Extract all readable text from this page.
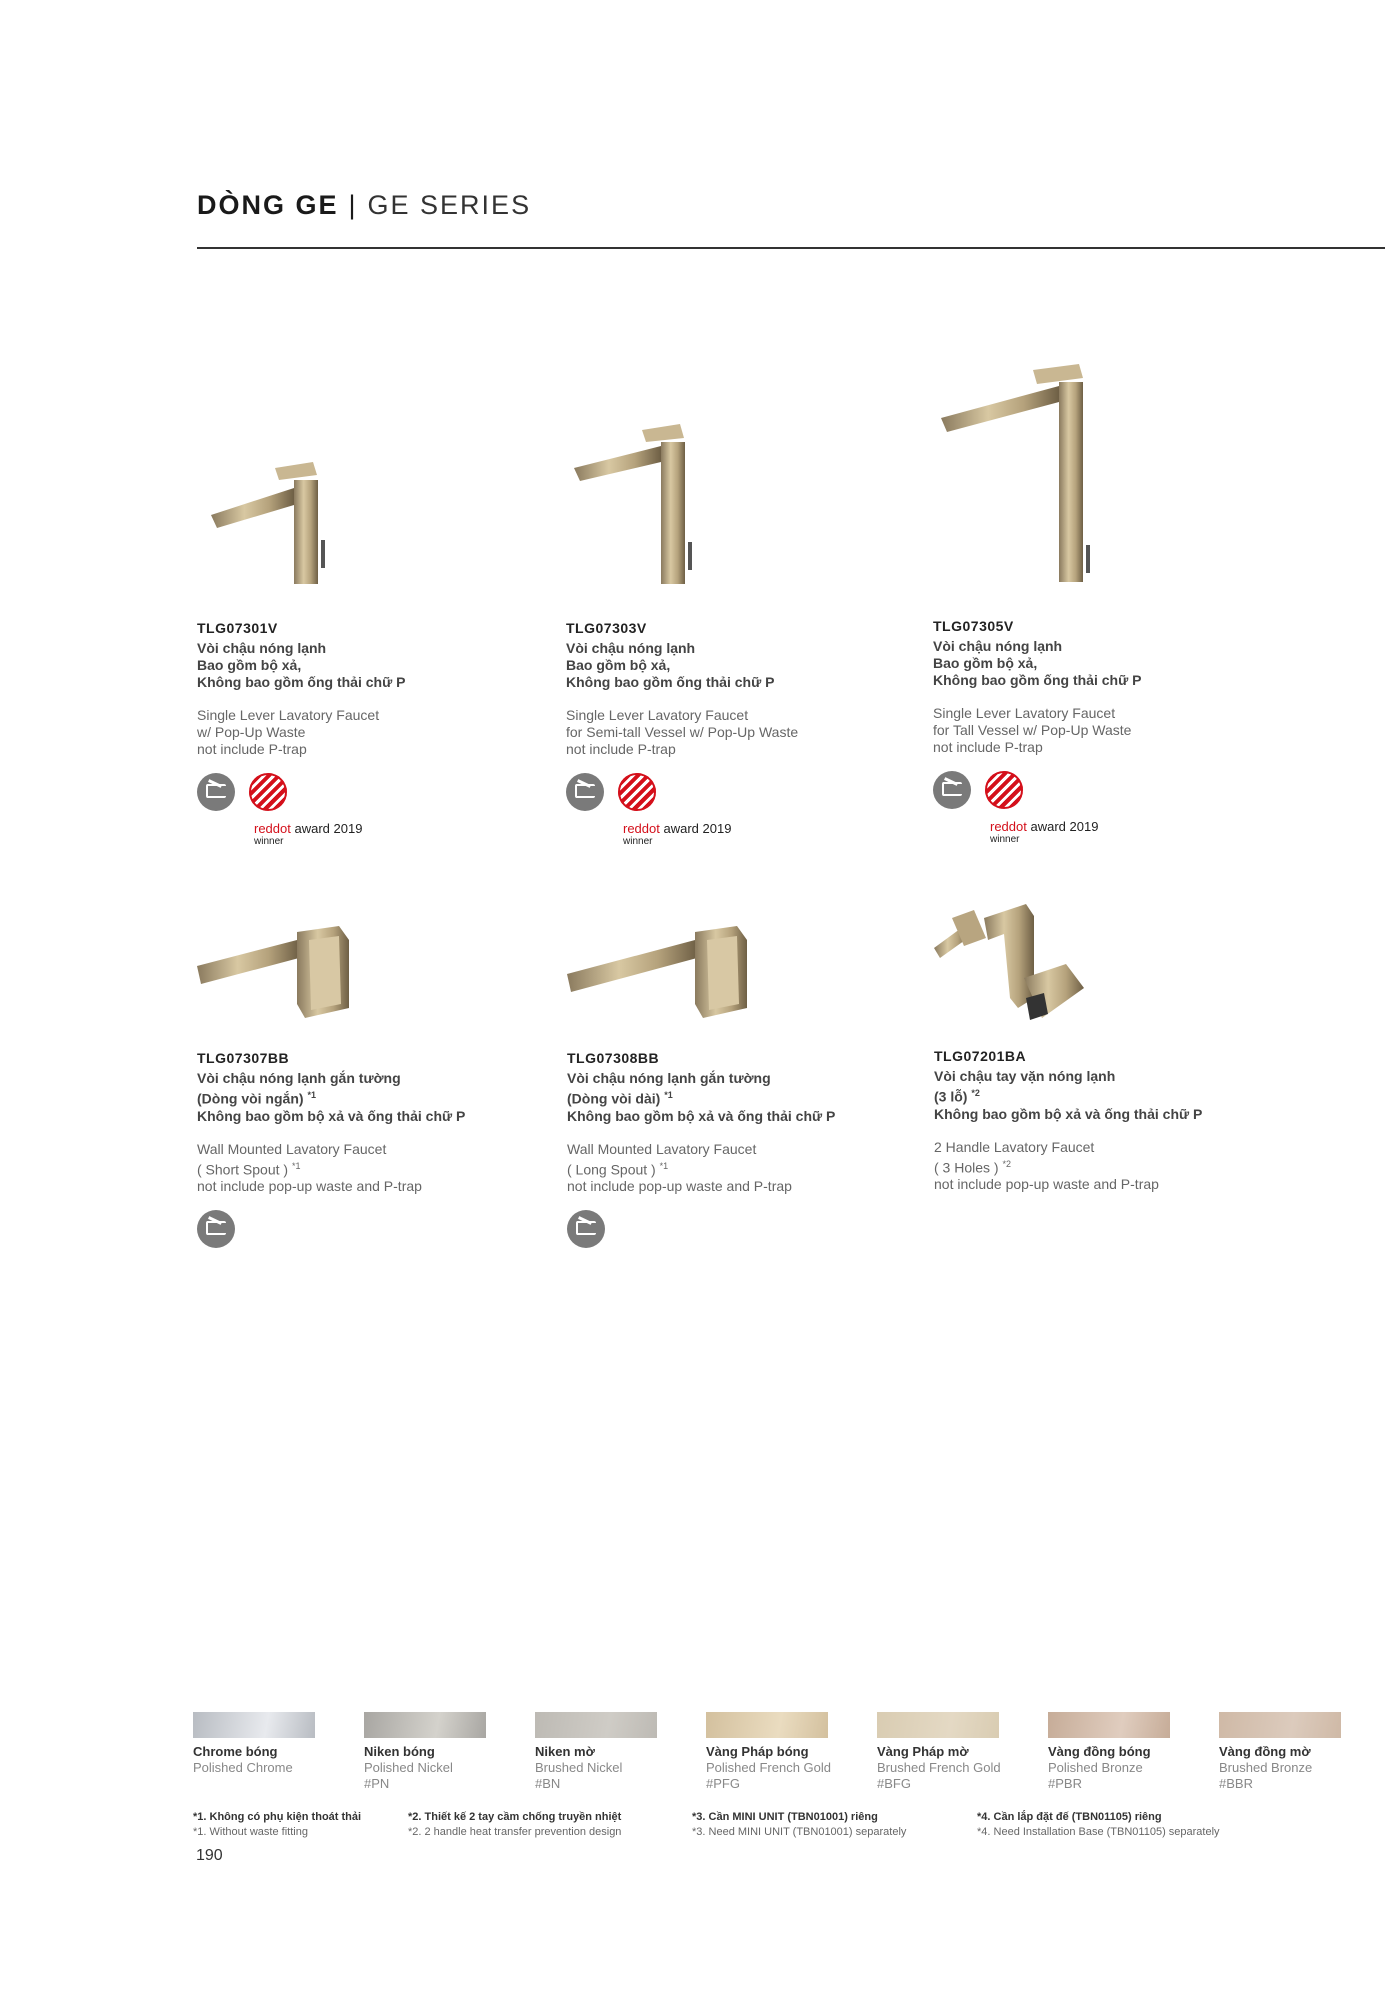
DÒNG GE | GE SERIES
TLG07301V
Vòi chậu nóng lạnh
Bao gồm bộ xả,
Không bao gồm ống thải chữ P
Single Lever Lavatory Faucet
w/ Pop-Up Waste
not include P-trap
reddot award 2019
winner
TLG07303V
Vòi chậu nóng lạnh
Bao gồm bộ xả,
Không bao gồm ống thải chữ P
Single Lever Lavatory Faucet
for Semi-tall Vessel w/ Pop-Up Waste
not include P-trap
reddot award 2019
winner
TLG07305V
Vòi chậu nóng lạnh
Bao gồm bộ xả,
Không bao gồm ống thải chữ P
Single Lever Lavatory Faucet
for Tall Vessel w/ Pop-Up Waste
not include P-trap
reddot award 2019
winner
TLG07307BB
Vòi chậu nóng lạnh gắn tường
(Dòng vòi ngắn) $^{*1}$
Không bao gồm bộ xả và ống thải chữ P
Wall Mounted Lavatory Faucet
( Short Spout ) $^{*1}$
not include pop-up waste and P-trap
TLG07308BB
Vòi chậu nóng lạnh gắn tường
(Dòng vòi dài) $^{*1}$
Không bao gồm bộ xả và ống thải chữ P
Wall Mounted Lavatory Faucet
( Long Spout ) $^{*1}$
not include pop-up waste and P-trap
TLG07201BA
Vòi chậu tay vặn nóng lạnh
(3 lỗ) $^{*2}$
Không bao gồm bộ xả và ống thải chữ P
2 Handle Lavatory Faucet
( 3 Holes ) $^{*2}$
not include pop-up waste and P-trap
Chrome bóng
Polished Chrome
Niken bóng
Polished Nickel
#PN
Niken mờ
Brushed Nickel
#BN
Vàng Pháp bóng
Polished French Gold
#PFG
Vàng Pháp mờ
Brushed French Gold
#BFG
Vàng đồng bóng
Polished Bronze
#PBR
Vàng đồng mờ
Brushed Bronze
#BBR
*1. Không có phụ kiện thoát thải
*1. Without waste fitting
*2. Thiết kế 2 tay cầm chống truyền nhiệt
*2. 2 handle heat transfer prevention design
*3. Cần MINI UNIT (TBN01001) riêng
*3. Need MINI UNIT (TBN01001) separately
*4. Cần lắp đặt đế (TBN01105) riêng
*4. Need Installation Base (TBN01105) separately
190
